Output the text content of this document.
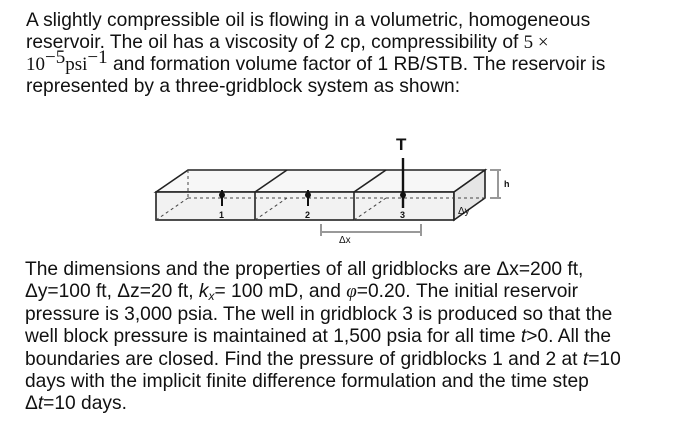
A slightly compressible oil is flowing in a volumetric, homogeneous
reservoir. The oil has a viscosity of 2 cp, compressibility of 5 ×
$10^{-5}psi^{-1}$ and formation volume factor of 1 RB/STB. The reservoir is
represented by a three-gridblock system as shown:
1	2	3
T
h
Δy
Δx
The dimensions and the properties of all gridblocks are Δx=200 ft,
Δy=100 ft, Δz=20 ft, $k_x= 100$ mD, and φ=0.20. The initial reservoir
pressure is 3,000 psia. The well in gridblock 3 is produced so that the
well block pressure is maintained at 1,500 psia for all time t>0. All the
boundaries are closed. Find the pressure of gridblocks 1 and 2 at t=10
days with the implicit finite difference formulation and the time step
Δt=10 days.
